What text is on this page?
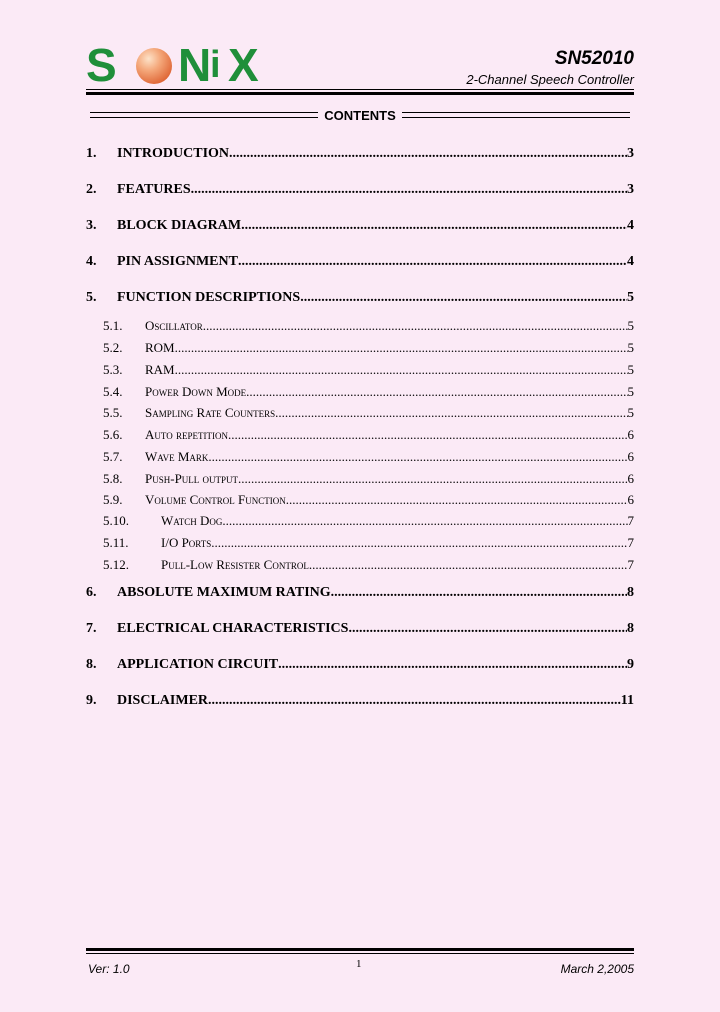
S N
i X	SN52010
2-Channel Speech Controller
CONTENTS
1.	INTRODUCTION .....	3
2.	FEATURES .....	3
3.	BLOCK DIAGRAM .....	4
4.	PIN ASSIGNMENT .....	4
5.	FUNCTION DESCRIPTIONS .....	5
5.1.	Oscillator .....	5
5.2.	ROM .....	5
5.3.	RAM .....	5
5.4.	Power Down Mode .....	5
5.5.	Sampling Rate Counters .....	5
5.6.	Auto repetition .....	6
5.7.	Wave Mark .....	6
5.8.	Push-Pull output .....	6
5.9.	Volume Control Function .....	6
5.10.	Watch Dog .....	7
5.11.	I/O Ports .....	7
5.12.	Pull-Low Resister Control .....	7
6.	ABSOLUTE MAXIMUM RATING .....	8
7.	ELECTRICAL CHARACTERISTICS .....	8
8.	APPLICATION CIRCUIT .....	9
9.	DISCLAIMER .....	11
Ver: 1.0	1	March 2,2005
